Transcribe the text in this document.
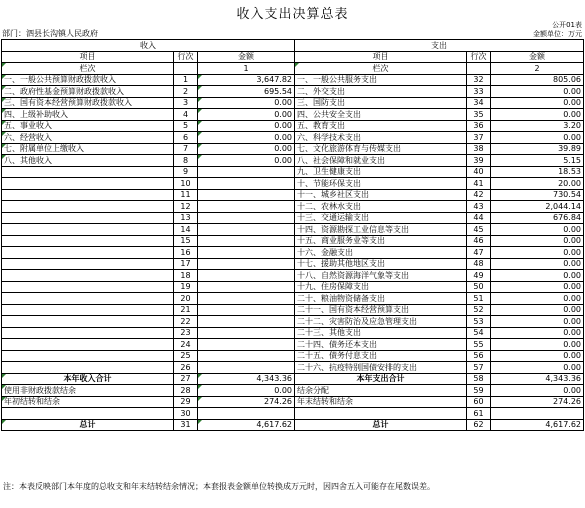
收入支出决算总表
公开01表
金额单位：万元
部门：泗县长沟镇人民政府
收入			支出		
项目	行次	金额	项目	行次	金额
栏次		1	栏次		2
一、一般公共预算财政拨款收入	1	3,647.82	一、一般公共服务支出	32	805.06
二、政府性基金预算财政拨款收入	2	695.54	二、外交支出	33	0.00
三、国有资本经营预算财政拨款收入	3	0.00	三、国防支出	34	0.00
四、上级补助收入	4	0.00	四、公共安全支出	35	0.00
五、事业收入	5	0.00	五、教育支出	36	3.20
六、经营收入	6	0.00	六、科学技术支出	37	0.00
七、附属单位上缴收入	7	0.00	七、文化旅游体育与传媒支出	38	39.89
八、其他收入	8	0.00	八、社会保障和就业支出	39	5.15
	9		九、卫生健康支出	40	18.53
	10		十、节能环保支出	41	20.00
	11		十一、城乡社区支出	42	730.54
	12		十二、农林水支出	43	2,044.14
	13		十三、交通运输支出	44	676.84
	14		十四、资源勘探工业信息等支出	45	0.00
	15		十五、商业服务业等支出	46	0.00
	16		十六、金融支出	47	0.00
	17		十七、援助其他地区支出	48	0.00
	18		十八、自然资源海洋气象等支出	49	0.00
	19		十九、住房保障支出	50	0.00
	20		二十、粮油物资储备支出	51	0.00
	21		二十一、国有资本经营预算支出	52	0.00
	22		二十二、灾害防治及应急管理支出	53	0.00
	23		二十三、其他支出	54	0.00
	24		二十四、债务还本支出	55	0.00
	25		二十五、债务付息支出	56	0.00
	26		二十六、抗疫特别国债安排的支出	57	0.00
本年收入合计	27	4,343.36	本年支出合计	58	4,343.36
使用非财政拨款结余	28	0.00	结余分配	59	0.00
年初结转和结余	29	274.26	年末结转和结余	60	274.26
	30			61	
总计	31	4,617.62	总计	62	4,617.62
注：本表反映部门本年度的总收支和年末结转结余情况；本套报表金额单位转换成万元时，因四舍五入可能存在尾数误差。
